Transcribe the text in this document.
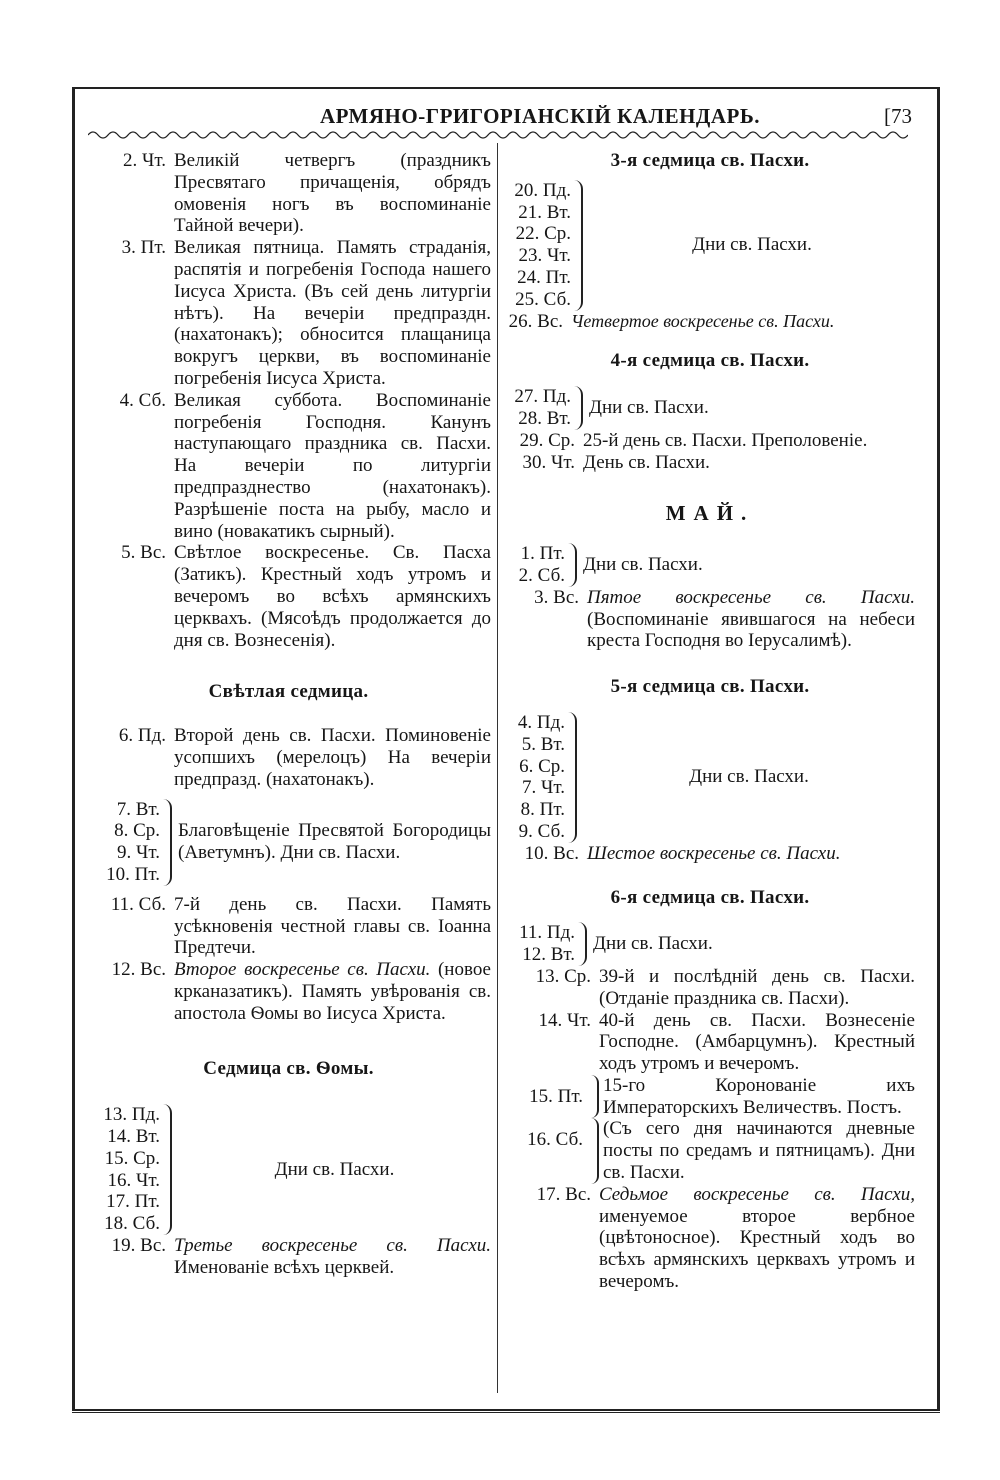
АРМЯНО-ГРИГОРІАНСКІЙ КАЛЕНДАРЬ.	[73
2. Чт. Великій четвергъ (праздникъ Пресвятаго причащенія, обрядъ омовенія ногъ въ воспоминаніе Тайной вечери).
3. Пт. Великая пятница. Память страданія, распятія и погребенія Господа нашего Іисуса Христа. (Въ сей день литургіи нѣтъ). На вечеріи предпраздн. (нахатонакъ); обносится плащаница вокругъ церкви, въ воспоминаніе погребенія Іисуса Христа.
4. Сб. Великая суббота. Воспоминаніе погребенія Господня. Канунъ наступающаго праздника св. Пасхи. На вечеріи по литургіи предпразднество (нахатонакъ). Разрѣшеніе поста на рыбу, масло и вино (новакатикъ сырный).
5. Вс. Свѣтлое воскресенье. Св. Пасха (Затикъ). Крестный ходъ утромъ и вечеромъ во всѣхъ армянскихъ церквахъ. (Мясоѣдъ продолжается до дня св. Вознесенія).
Свѣтлая седмица.
6. Пд. Второй день св. Пасхи. Поминовеніе усопшихъ (мерелоцъ) На вечеріи предпразд. (нахатонакъ).
7. Вт.
8. Ср.
9. Чт.
10. Пт.
Благовѣщеніе Пресвятой Богородицы (Аветумнъ). Дни св. Пасхи.
11. Сб. 7-й день св. Пасхи. Память усѣкновенія честной главы св. Іоанна Предтечи.
12. Вс. Второе воскресенье св. Пасхи. (новое крканазатикъ). Память увѣрованія св. апостола Ѳомы во Іисуса Христа.
Седмица св. Ѳомы.
13. Пд.
14. Вт.
15. Ср.
16. Чт.
17. Пт.
18. Сб.
Дни св. Пасхи.
19. Вс. Третье воскресенье св. Пасхи. Именованіе всѣхъ церквей.
3-я седмица св. Пасхи.
20. Пд.
21. Вт.
22. Ср.
23. Чт.
24. Пт.
25. Сб.
Дни св. Пасхи.
26. Вс. Четвертое воскресенье св. Пасхи.
4-я седмица св. Пасхи.
27. Пд.
28. Вт.
Дни св. Пасхи.
29. Ср. 25-й день св. Пасхи. Преполовеніе.
30. Чт. День св. Пасхи.
МАЙ.
1. Пт.
2. Сб.
Дни св. Пасхи.
3. Вс. Пятое воскресенье св. Пасхи. (Воспоминаніе явившагося на небеси креста Господня во Іерусалимѣ).
5-я седмица св. Пасхи.
4. Пд.
5. Вт.
6. Ср.
7. Чт.
8. Пт.
9. Сб.
Дни св. Пасхи.
10. Вс. Шестое воскресенье св. Пасхи.
6-я седмица св. Пасхи.
11. Пд.
12. Вт.
Дни св. Пасхи.
13. Ср. 39-й и послѣдній день св. Пасхи. (Отданіе праздника св. Пасхи).
14. Чт. 40-й день св. Пасхи. Вознесеніе Господне. (Амбарцумнъ). Крестный ходъ утромъ и вечеромъ.
15. Пт.
15-го Коронованіе ихъ Императорскихъ Величествъ. Постъ.
16. Сб.
(Съ сего дня начинаются дневные посты по средамъ и пятницамъ). Дни св. Пасхи.
17. Вс. Седьмое воскресенье св. Пасхи, именуемое второе вербное (цвѣтоносное). Крестный ходъ во всѣхъ армянскихъ церквахъ утромъ и вечеромъ.
